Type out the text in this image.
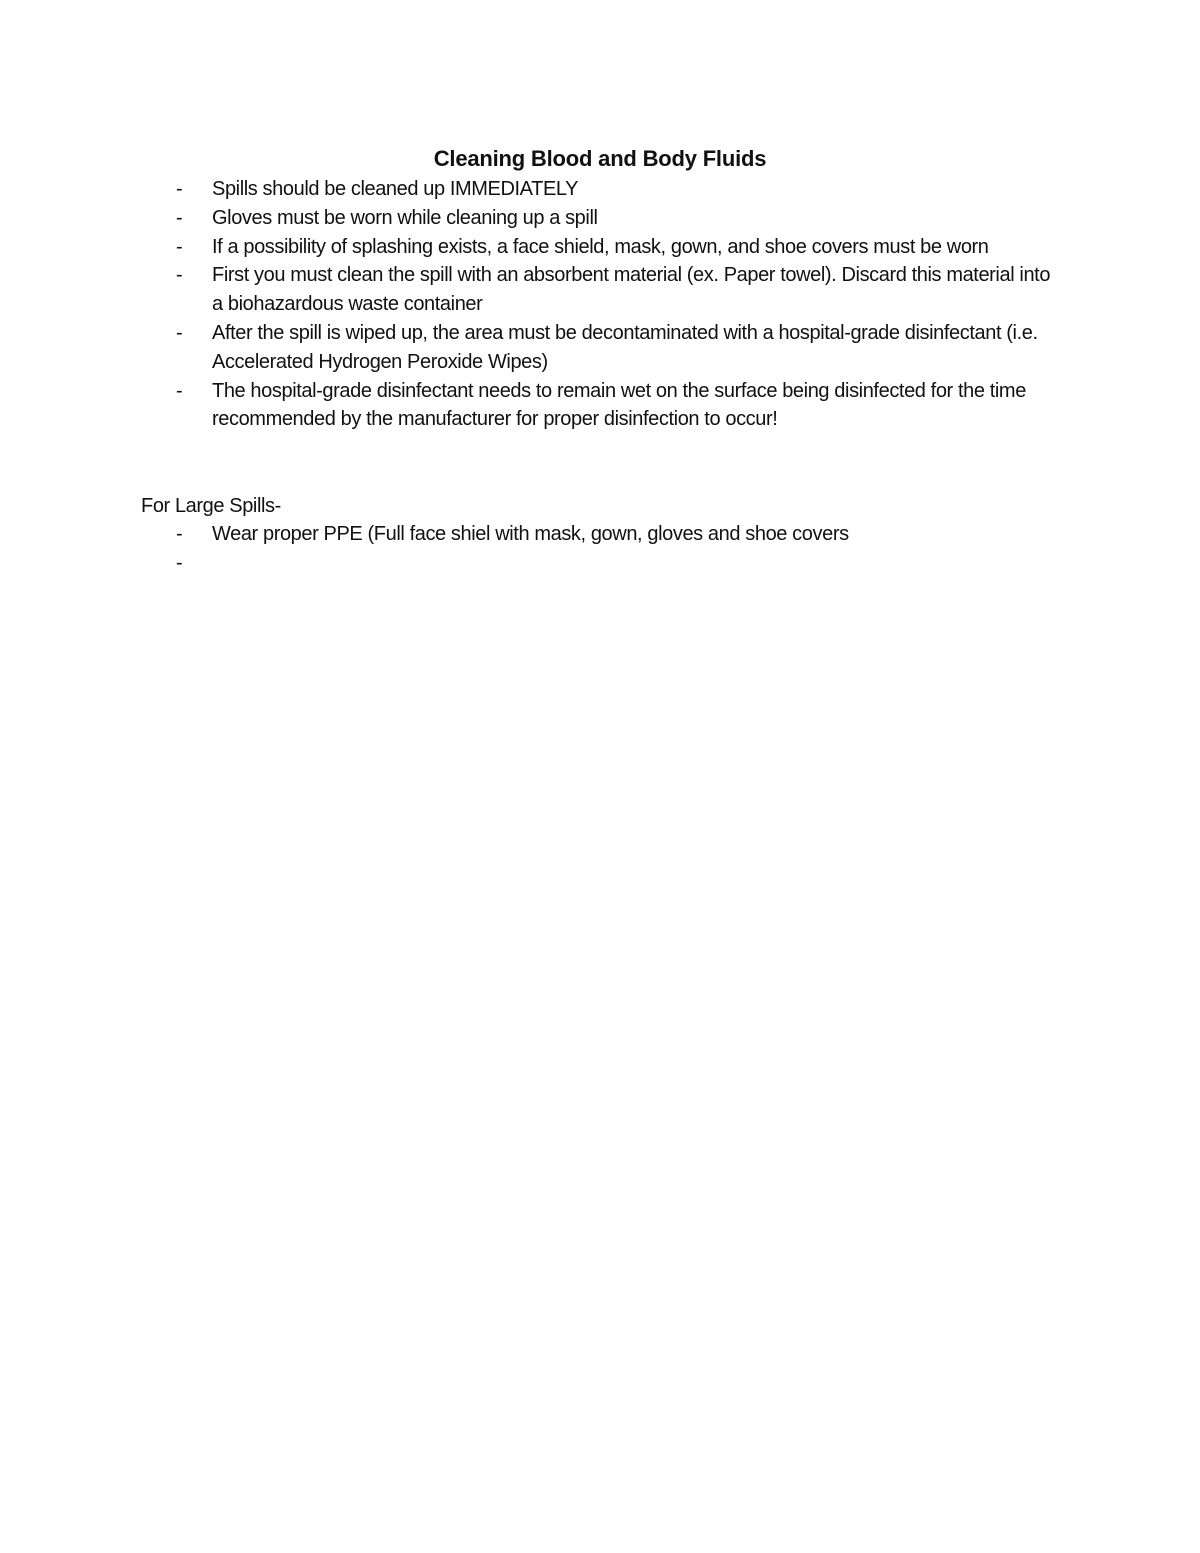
Cleaning Blood and Body Fluids
- Spills should be cleaned up IMMEDIATELY
- Gloves must be worn while cleaning up a spill
- If a possibility of splashing exists, a face shield, mask, gown, and shoe covers must be worn
- First you must clean the spill with an absorbent material (ex. Paper towel). Discard this material into a biohazardous waste container
- After the spill is wiped up, the area must be decontaminated with a hospital-grade disinfectant (i.e. Accelerated Hydrogen Peroxide Wipes)
- The hospital-grade disinfectant needs to remain wet on the surface being disinfected for the time recommended by the manufacturer for proper disinfection to occur!
For Large Spills-
- Wear proper PPE (Full face shiel with mask, gown, gloves and shoe covers
-
